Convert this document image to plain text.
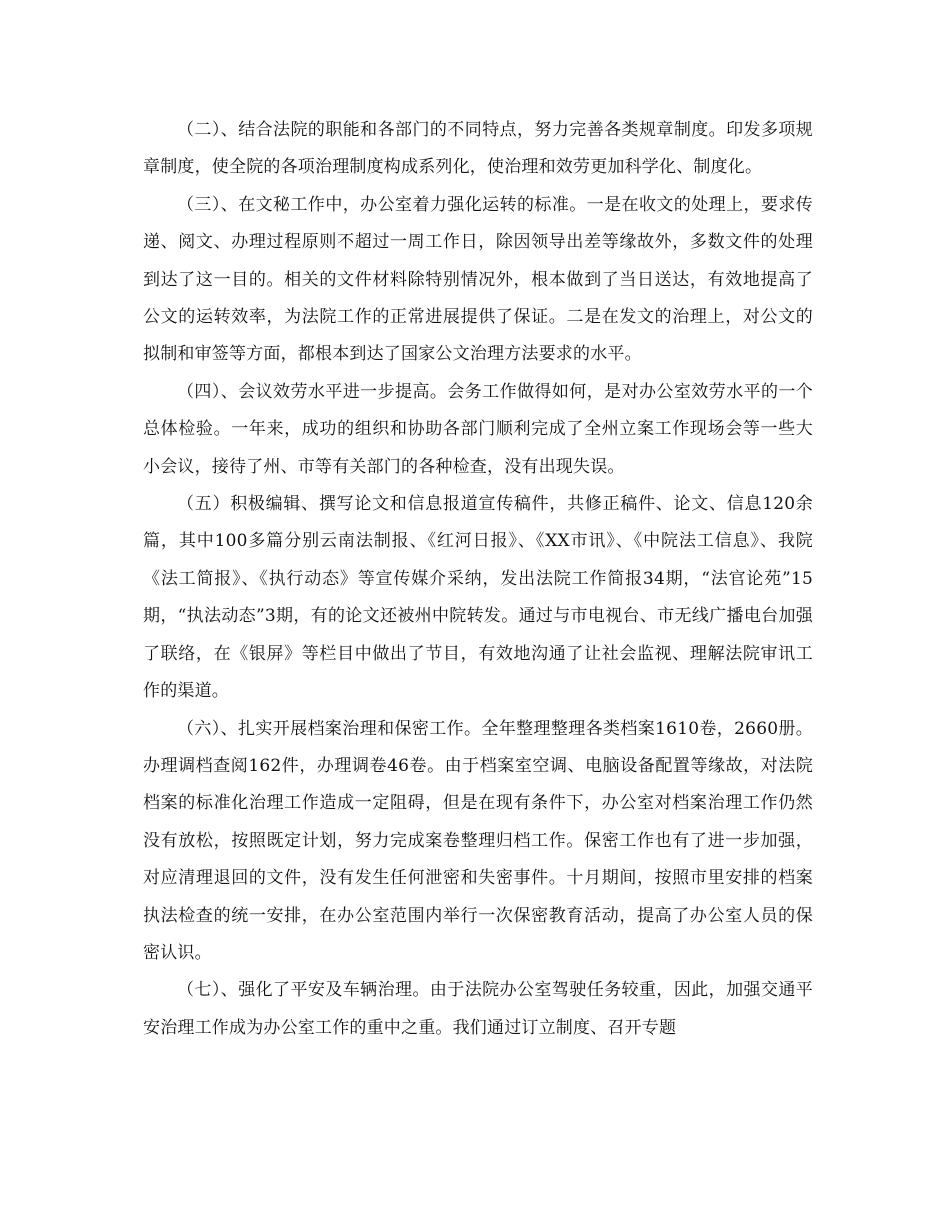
（二）、结合法院的职能和各部门的不同特点，努力完善各类规章制度。印发多项规章制度，使全院的各项治理制度构成系列化，使治理和效劳更加科学化、制度化。

（三）、在文秘工作中，办公室着力强化运转的标准。一是在收文的处理上，要求传递、阅文、办理过程原则不超过一周工作日，除因领导出差等缘故外，多数文件的处理到达了这一目的。相关的文件材料除特别情况外，根本做到了当日送达，有效地提高了公文的运转效率，为法院工作的正常进展提供了保证。二是在发文的治理上，对公文的拟制和审签等方面，都根本到达了国家公文治理方法要求的水平。

（四）、会议效劳水平进一步提高。会务工作做得如何，是对办公室效劳水平的一个总体检验。一年来，成功的组织和协助各部门顺利完成了全州立案工作现场会等一些大小会议，接待了州、市等有关部门的各种检查，没有出现失误。

（五）积极编辑、撰写论文和信息报道宣传稿件，共修正稿件、论文、信息120余篇，其中100多篇分别云南法制报、《红河日报》、《XX市讯》、《中院法工信息》、我院《法工简报》、《执行动态》等宣传媒介采纳，发出法院工作简报34期，“法官论苑”15期，“执法动态”3期，有的论文还被州中院转发。通过与市电视台、市无线广播电台加强了联络，在《银屏》等栏目中做出了节目，有效地沟通了让社会监视、理解法院审讯工作的渠道。

（六）、扎实开展档案治理和保密工作。全年整理整理各类档案1610卷，2660册。办理调档查阅162件，办理调卷46卷。由于档案室空调、电脑设备配置等缘故，对法院档案的标准化治理工作造成一定阻碍，但是在现有条件下，办公室对档案治理工作仍然没有放松，按照既定计划，努力完成案卷整理归档工作。保密工作也有了进一步加强，对应清理退回的文件，没有发生任何泄密和失密事件。十月期间，按照市里安排的档案执法检查的统一安排，在办公室范围内举行一次保密教育活动，提高了办公室人员的保密认识。

（七）、强化了平安及车辆治理。由于法院办公室驾驶任务较重，因此，加强交通平安治理工作成为办公室工作的重中之重。我们通过订立制度、召开专题
